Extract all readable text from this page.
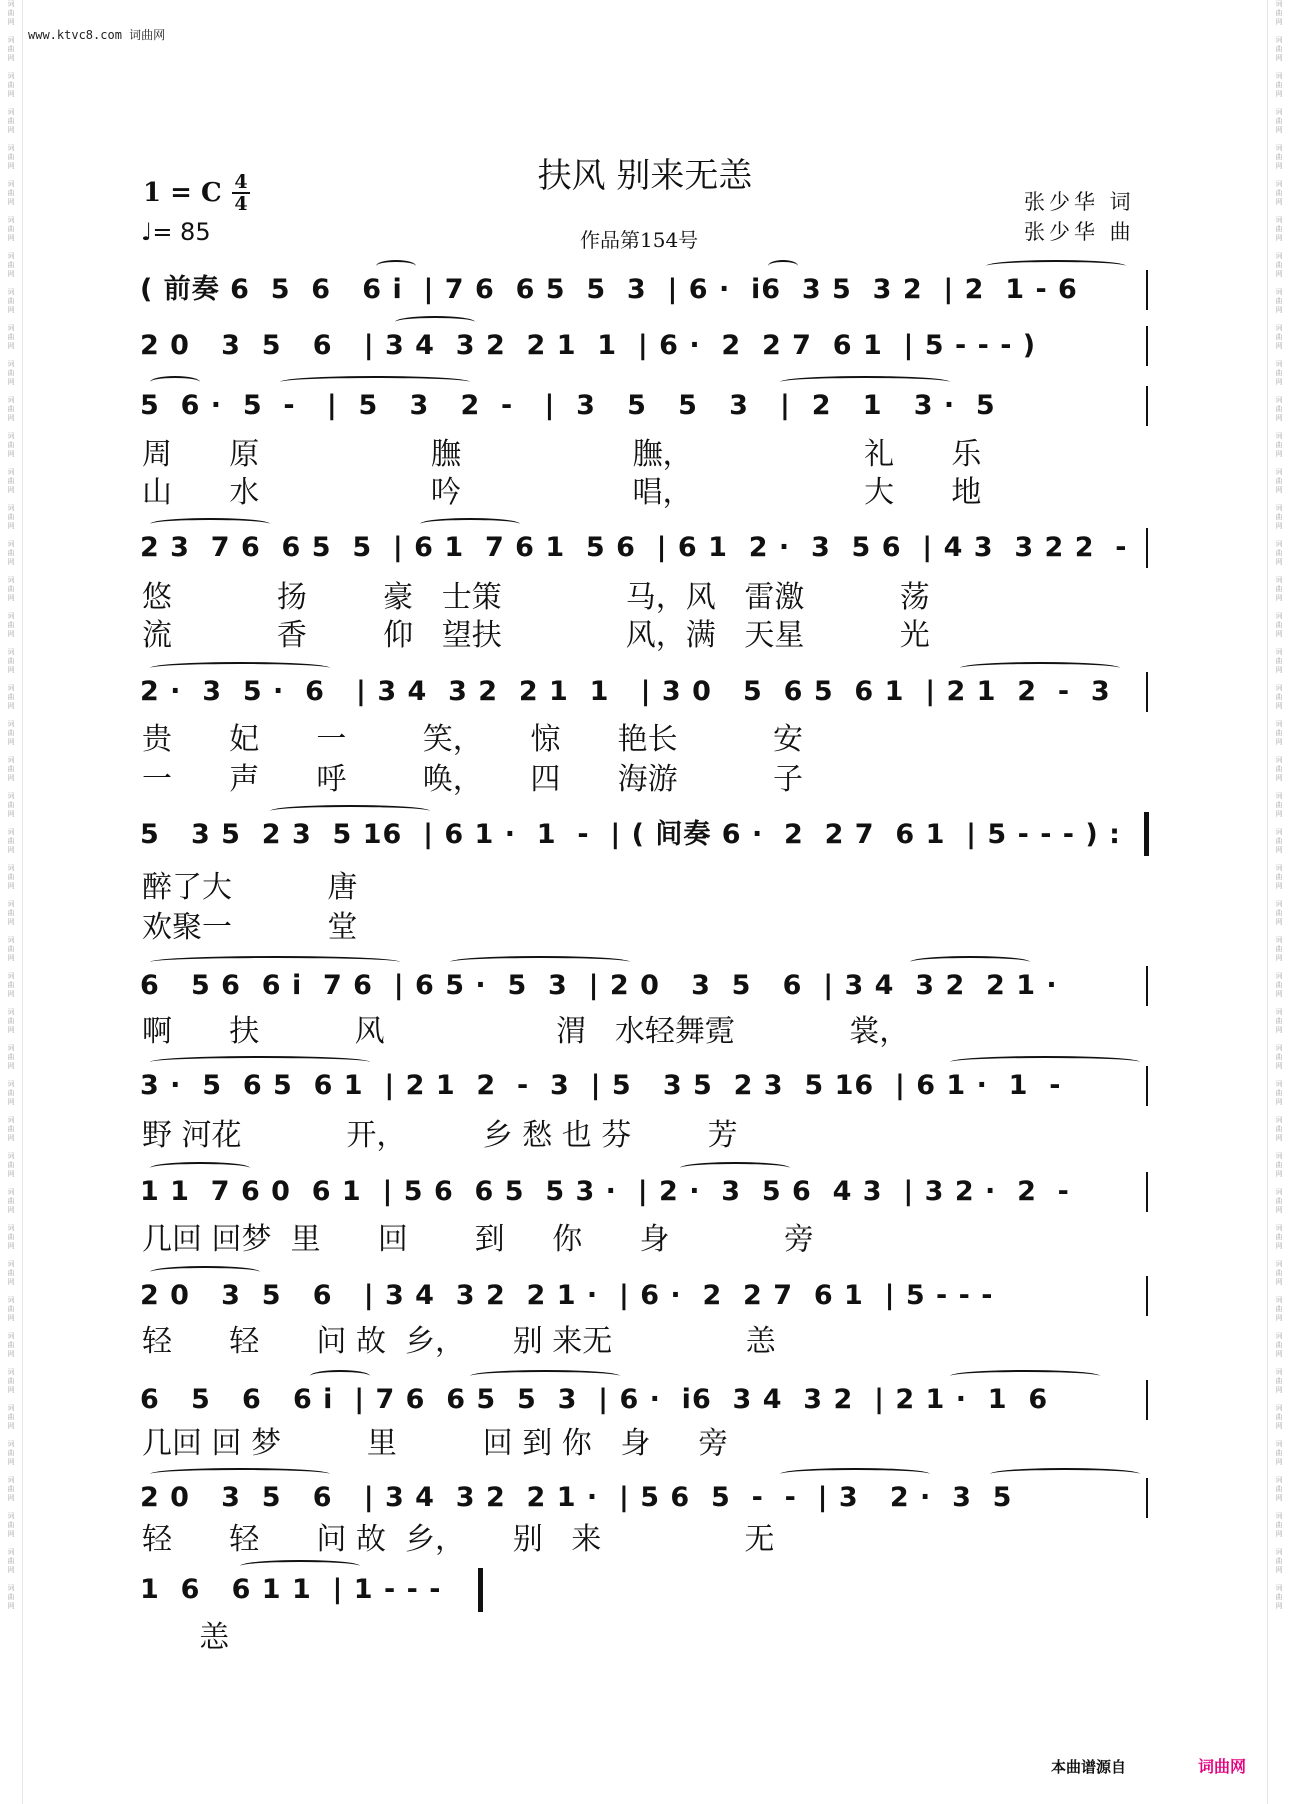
词
曲
网

词
曲
网

词
曲
网

词
曲
网

词
曲
网

词
曲
网

词
曲
网

词
曲
网

词
曲
网

词
曲
网

词
曲
网

词
曲
网

词
曲
网

词
曲
网

词
曲
网

词
曲
网

词
曲
网

词
曲
网

词
曲
网

词
曲
网

词
曲
网

词
曲
网

词
曲
网

词
曲
网

词
曲
网

词
曲
网

词
曲
网

词
曲
网

词
曲
网

词
曲
网

词
曲
网

词
曲
网

词
曲
网

词
曲
网

词
曲
网

词
曲
网

词
曲
网

词
曲
网

词
曲
网

词
曲
网

词
曲
网

词
曲
网

词
曲
网

词
曲
网

词
曲
网
词
曲
网

词
曲
网

词
曲
网

词
曲
网

词
曲
网

词
曲
网

词
曲
网

词
曲
网

词
曲
网

词
曲
网

词
曲
网

词
曲
网

词
曲
网

词
曲
网

词
曲
网

词
曲
网

词
曲
网

词
曲
网

词
曲
网

词
曲
网

词
曲
网

词
曲
网

词
曲
网

词
曲
网

词
曲
网

词
曲
网

词
曲
网

词
曲
网

词
曲
网

词
曲
网

词
曲
网

词
曲
网

词
曲
网

词
曲
网

词
曲
网

词
曲
网

词
曲
网

词
曲
网

词
曲
网

词
曲
网

词
曲
网

词
曲
网

词
曲
网

词
曲
网

词
曲
网
www.ktvc8.com 词曲网
扶风 别来无恙
1 = C 4
4
♩= 85	作品第154号
张少华 词
张少华 曲
( 前奏 6  5  6   6 i  | 7 6  6 5  5  3  | 6 ·  i6  3 5  3 2  | 2  1 - 6
2 0   3  5   6   | 3 4  3 2  2 1  1  | 6 ·  2  2 7  6 1  | 5 - - - )
5  6 ·  5  -   |  5   3   2  -   |  3   5   5   3   |  2   1   3 ·  5
周      原                  膴                  膴，                  礼      乐
山      水                  吟                  唱，                  大      地
2 3  7 6  6 5  5  | 6 1  7 6 1  5 6  | 6 1  2 ·  3  5 6  | 4 3  3 2 2  -
悠           扬        豪   士策             马，风   雷激          荡
流           香        仰   望扶             风，满   天星          光
2 ·  3  5 ·  6   | 3 4  3 2  2 1  1   | 3 0   5  6 5  6 1  | 2 1  2  -  3
贵      妃      一        笑，     惊      艳长          安
一      声      呼        唤，     四      海游          子
5   3 5  2 3  5 16  | 6 1 ·  1  -  | ( 间奏 6 ·  2  2 7  6 1  | 5 - - - ) :
醉了大          唐
欢聚一          堂
6   5 6  6 i  7 6  | 6 5 ·  5  3  | 2 0   3  5   6  | 3 4  3 2  2 1 ·
啊      扶          风                  渭   水轻舞霓            裳，
3 ·  5  6 5  6 1  | 2 1  2  -  3  | 5   3 5  2 3  5 16  | 6 1 ·  1  -
野 河花           开，        乡 愁 也 芬        芳
1 1  7 6 0  6 1  | 5 6  6 5  5 3 ·  | 2 ·  3  5 6  4 3  | 3 2 ·  2  -
几回 回梦  里      回       到     你      身            旁
2 0   3  5   6   | 3 4  3 2  2 1 ·  | 6 ·  2  2 7  6 1  | 5 - - -
轻      轻      问 故  乡，     别 来无              恙
6   5   6   6 i  | 7 6  6 5  5  3  | 6 ·  i6  3 4  3 2  | 2 1 ·  1  6
几回 回 梦         里         回 到 你   身     旁
2 0   3  5   6   | 3 4  3 2  2 1 ·  | 5 6  5  -  -  | 3   2 ·  3  5
轻      轻      问 故  乡，     别   来               无
1  6   6 1 1  | 1 - - -
恙
本曲谱源自	词曲网
